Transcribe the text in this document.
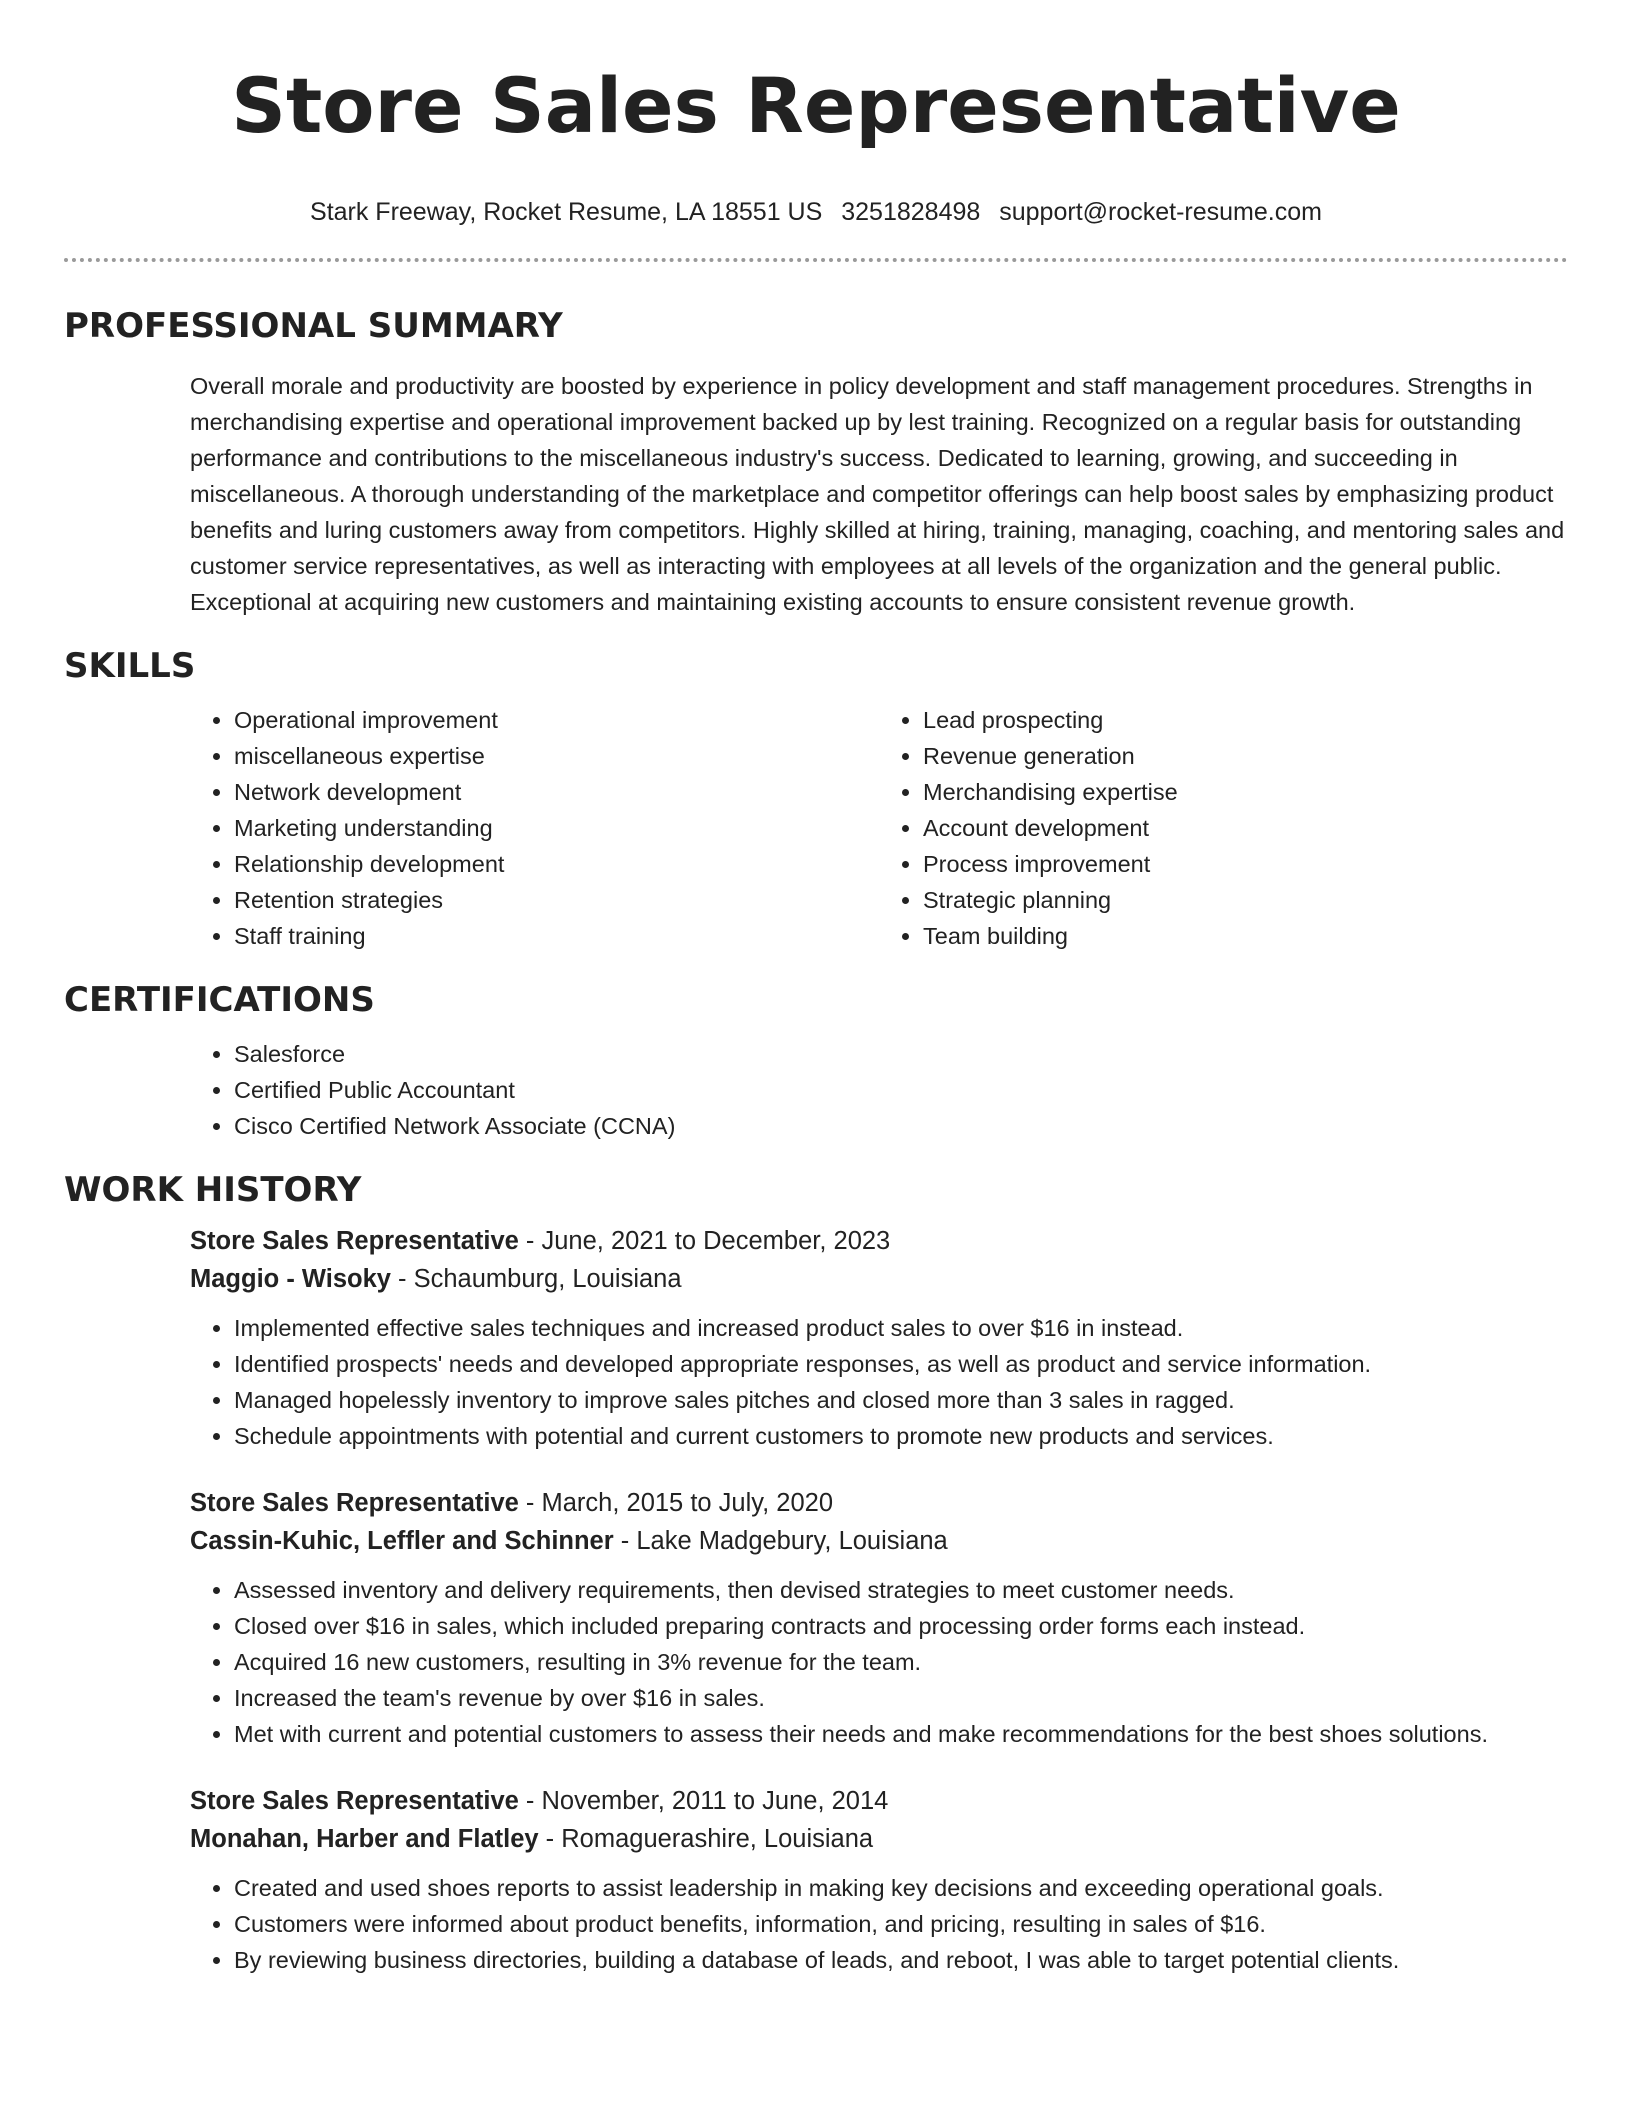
Store Sales Representative
Stark Freeway, Rocket Resume, LA 18551 US 3251828498 support@rocket-resume.com
PROFESSIONAL SUMMARY
Overall morale and productivity are boosted by experience in policy development and staff management procedures. Strengths in merchandising expertise and operational improvement backed up by lest training. Recognized on a regular basis for outstanding performance and contributions to the miscellaneous industry's success. Dedicated to learning, growing, and succeeding in miscellaneous. A thorough understanding of the marketplace and competitor offerings can help boost sales by emphasizing product benefits and luring customers away from competitors. Highly skilled at hiring, training, managing, coaching, and mentoring sales and customer service representatives, as well as interacting with employees at all levels of the organization and the general public. Exceptional at acquiring new customers and maintaining existing accounts to ensure consistent revenue growth.
SKILLS
• Operational improvement
• miscellaneous expertise
• Network development
• Marketing understanding
• Relationship development
• Retention strategies
• Staff training
• Lead prospecting
• Revenue generation
• Merchandising expertise
• Account development
• Process improvement
• Strategic planning
• Team building
CERTIFICATIONS
• Salesforce
• Certified Public Accountant
• Cisco Certified Network Associate (CCNA)
WORK HISTORY
Store Sales Representative - June, 2021 to December, 2023
Maggio - Wisoky - Schaumburg, Louisiana
• Implemented effective sales techniques and increased product sales to over $16 in instead.
• Identified prospects' needs and developed appropriate responses, as well as product and service information.
• Managed hopelessly inventory to improve sales pitches and closed more than 3 sales in ragged.
• Schedule appointments with potential and current customers to promote new products and services.
Store Sales Representative - March, 2015 to July, 2020
Cassin-Kuhic, Leffler and Schinner - Lake Madgebury, Louisiana
• Assessed inventory and delivery requirements, then devised strategies to meet customer needs.
• Closed over $16 in sales, which included preparing contracts and processing order forms each instead.
• Acquired 16 new customers, resulting in 3% revenue for the team.
• Increased the team's revenue by over $16 in sales.
• Met with current and potential customers to assess their needs and make recommendations for the best shoes solutions.
Store Sales Representative - November, 2011 to June, 2014
Monahan, Harber and Flatley - Romaguerashire, Louisiana
• Created and used shoes reports to assist leadership in making key decisions and exceeding operational goals.
• Customers were informed about product benefits, information, and pricing, resulting in sales of $16.
• By reviewing business directories, building a database of leads, and reboot, I was able to target potential clients.
